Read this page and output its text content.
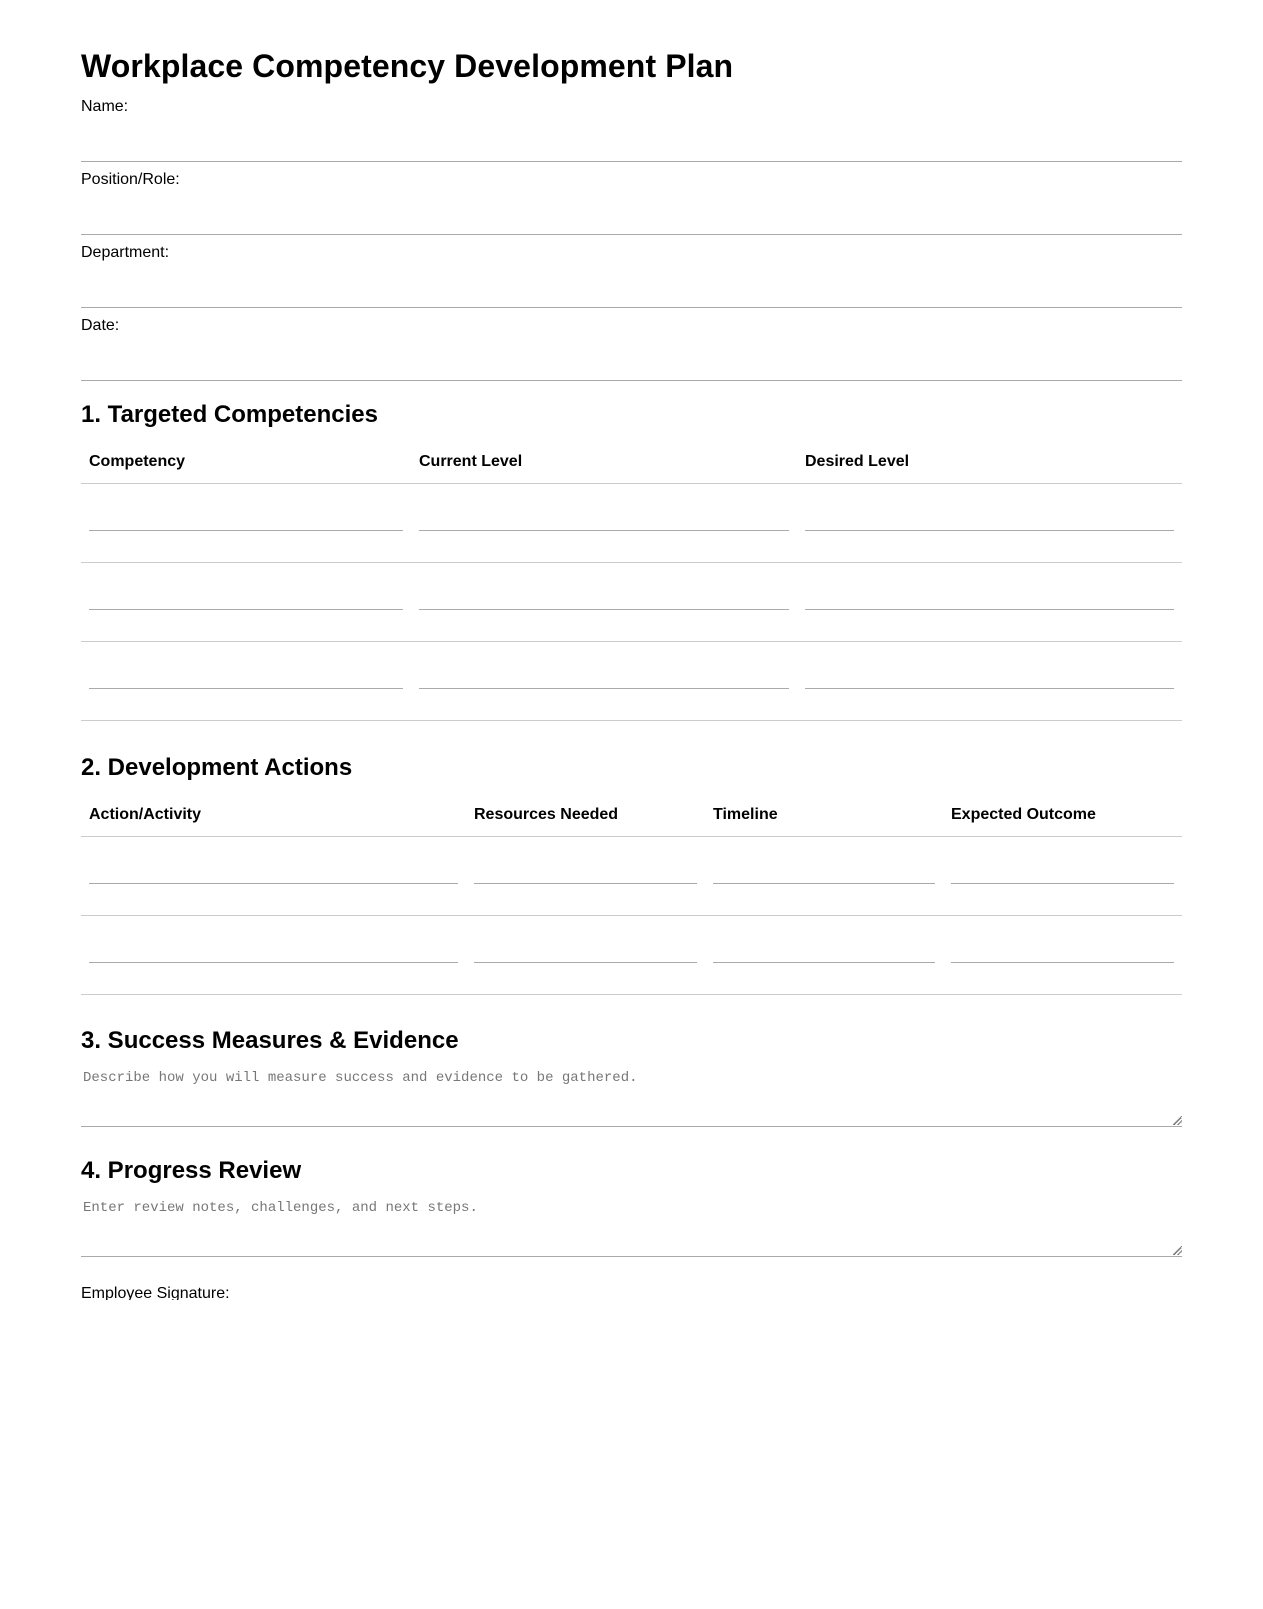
Workplace Competency Development Plan
Name:
Position/Role:
Department:
Date:
1. Targeted Competencies
Competency	Current Level	Desired Level

2. Development Actions
Action/Activity	Resources Needed	Timeline	Expected Outcome

3. Success Measures & Evidence
Describe how you will measure success and evidence to be gathered.
4. Progress Review
Enter review notes, challenges, and next steps.
Employee Signature:
